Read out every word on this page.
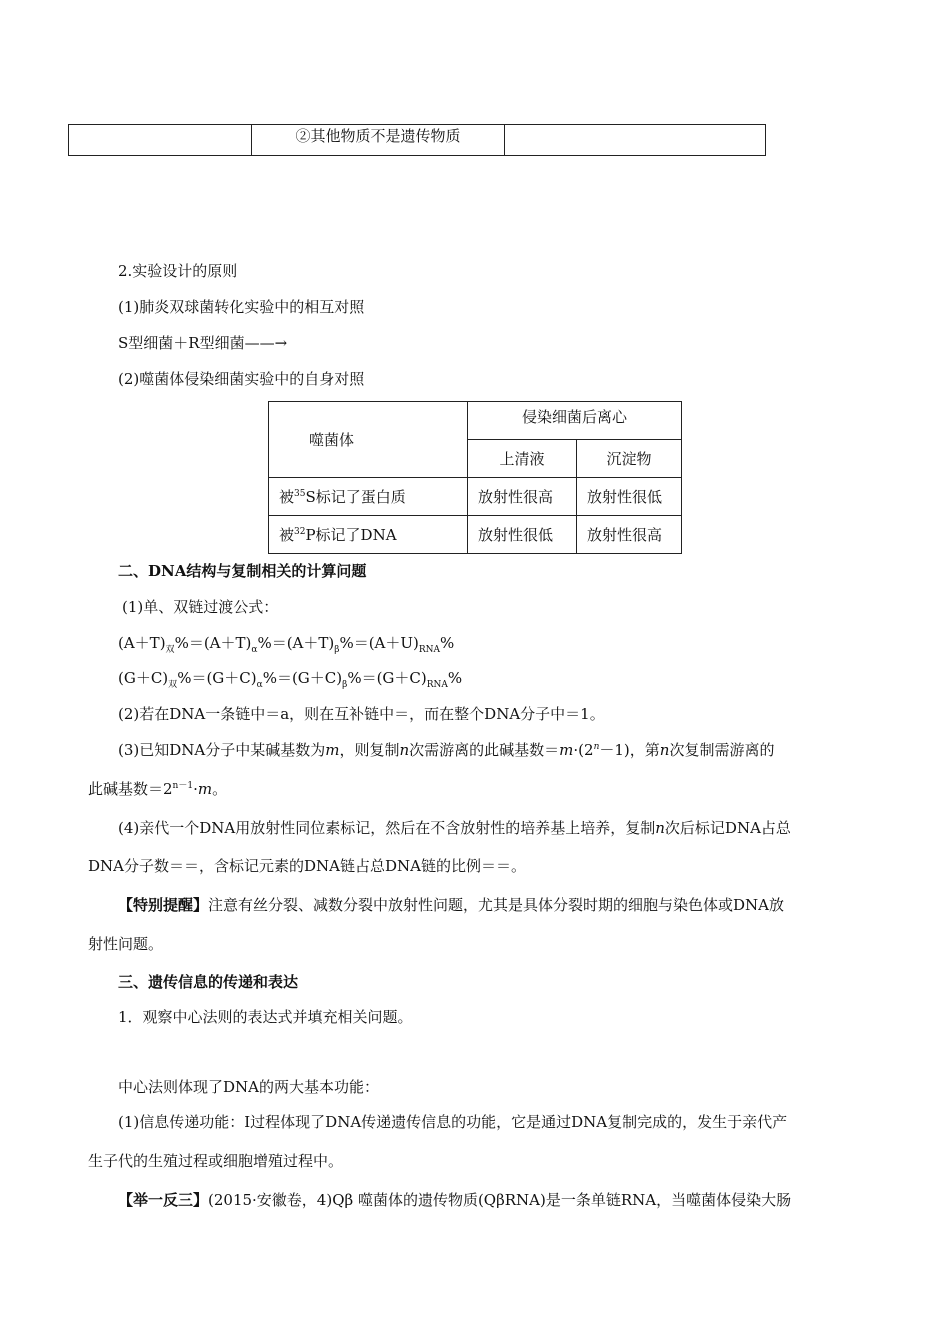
	②其他物质不是遗传物质	
2.实验设计的原则
(1)肺炎双球菌转化实验中的相互对照
S型细菌＋R型细菌——→
(2)噬菌体侵染细菌实验中的自身对照
噬菌体	侵染细菌后离心	
	上清液	沉淀物
被$^{35}$S标记了蛋白质	放射性很高	放射性很低
被$^{32}$P标记了DNA	放射性很低	放射性很高
二、DNA结构与复制相关的计算问题
(1)单、双链过渡公式：
$(A+T)_双\%=(A+T)_\alpha\%=(A+T)_\beta\%=(A+U)_{RNA}\%$
$(G+C)_双\%=(G+C)_\alpha\%=(G+C)_\beta\%=(G+C)_{RNA}\%$
(2)若在DNA一条链中＝a，则在互补链中＝，而在整个DNA分子中＝1。
(3)已知DNA分子中某碱基数为m，则复制n次需游离的此碱基数$=m\cdot(2^n-1)$，第n次复制需游离的
此碱基数$=2^{n-1}\cdot m$。
(4)亲代一个DNA用放射性同位素标记，然后在不含放射性的培养基上培养，复制n次后标记DNA占总
DNA分子数＝＝，含标记元素的DNA链占总DNA链的比例＝＝。
【特别提醒】注意有丝分裂、减数分裂中放射性问题，尤其是具体分裂时期的细胞与染色体或DNA放
射性问题。
三、遗传信息的传递和表达
1．观察中心法则的表达式并填充相关问题。
中心法则体现了DNA的两大基本功能：
(1)信息传递功能：Ⅰ过程体现了DNA传递遗传信息的功能，它是通过DNA复制完成的，发生于亲代产
生子代的生殖过程或细胞增殖过程中。
【举一反三】(2015·安徽卷，4)Qβ 噬菌体的遗传物质(QβRNA)是一条单链RNA，当噬菌体侵染大肠
